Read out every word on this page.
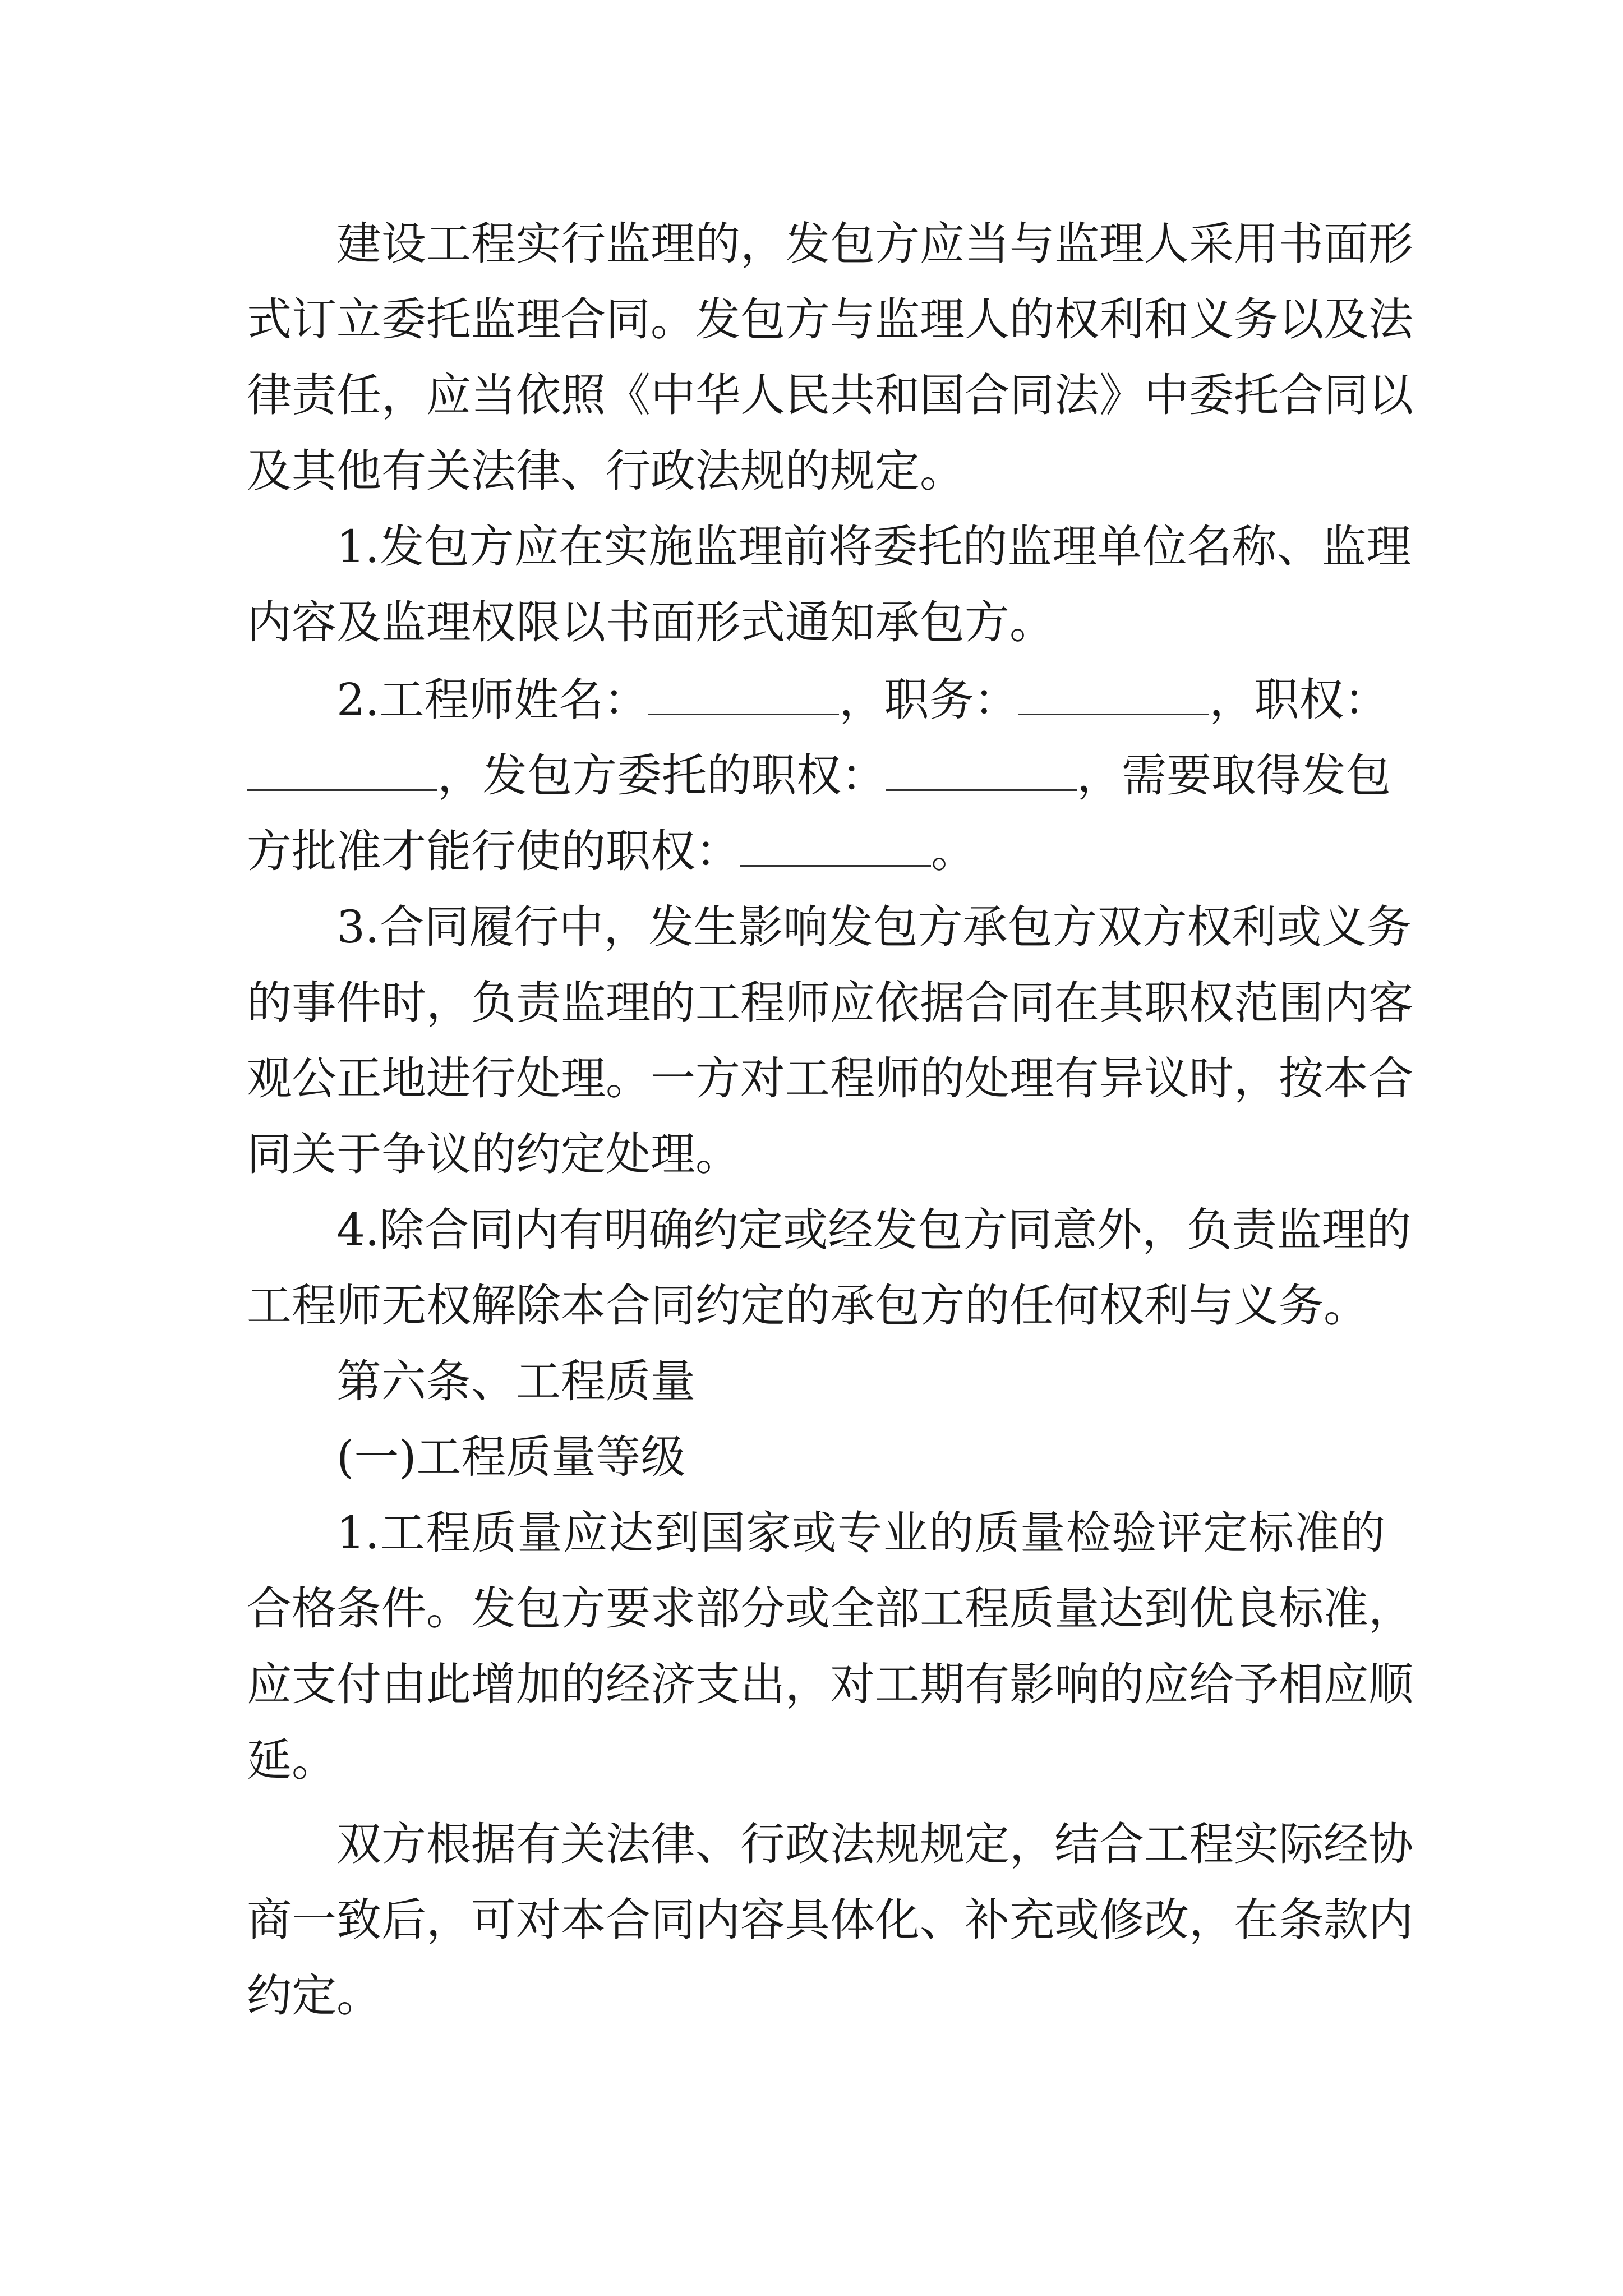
建设工程实行监理的，发包方应当与监理人采用书面形
式订立委托监理合同。发包方与监理人的权利和义务以及法
律责任，应当依照《中华人民共和国合同法》中委托合同以
及其他有关法律、行政法规的规定。
1.发包方应在实施监理前将委托的监理单位名称、监理
内容及监理权限以书面形式通知承包方。
2.工程师姓名：	，职务：	，职权：
，发包方委托的职权：	，需要取得发包
方批准才能行使的职权：	。
3.合同履行中，发生影响发包方承包方双方权利或义务
的事件时，负责监理的工程师应依据合同在其职权范围内客
观公正地进行处理。一方对工程师的处理有异议时，按本合
同关于争议的约定处理。
4.除合同内有明确约定或经发包方同意外，负责监理的
工程师无权解除本合同约定的承包方的任何权利与义务。
第六条、工程质量
(一)工程质量等级
1.工程质量应达到国家或专业的质量检验评定标准的
合格条件。发包方要求部分或全部工程质量达到优良标准，
应支付由此增加的经济支出，对工期有影响的应给予相应顺
延。
双方根据有关法律、行政法规规定，结合工程实际经协
商一致后，可对本合同内容具体化、补充或修改，在条款内
约定。
